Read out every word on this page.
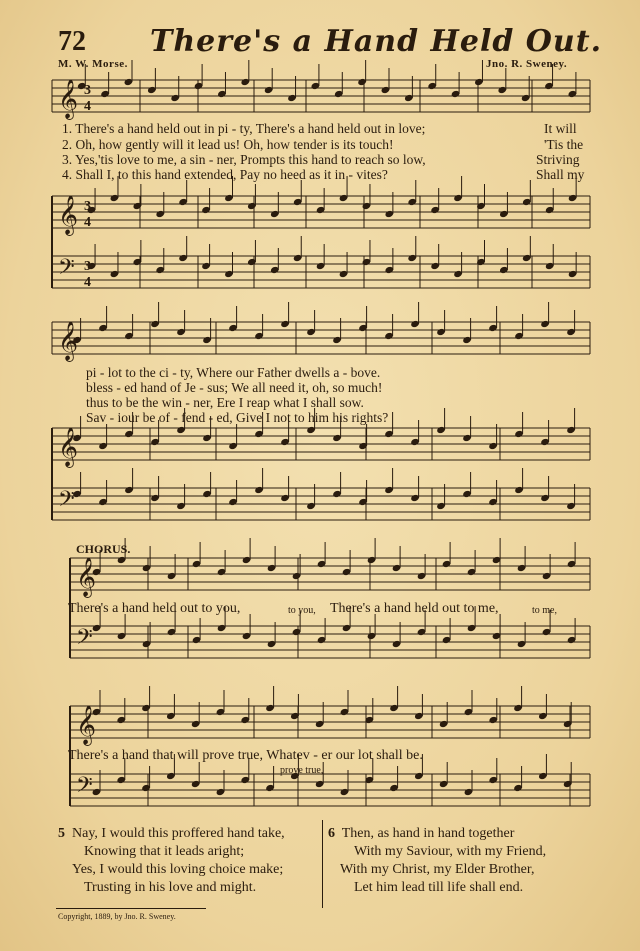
𝄞
𝄞
𝄞
𝄞
𝄞
𝄞
𝄢
𝄢
𝄢
𝄢
3
4
3
4
3
4
72 There's a Hand Held Out.
M. W. Morse.	Jno. R. Sweney.
1. There's a hand held out in pi - ty, There's a hand held out in love;	It will
2. Oh, how gently will it lead us! Oh, how tender is its touch!	'Tis the
3. Yes,'tis love to me, a sin - ner, Prompts this hand to reach so low,	Striving
4. Shall I, to this hand extended, Pay no heed as it in - vites?	Shall my
pi - lot to the ci - ty, Where our Father dwells a - bove.
bless - ed hand of Je - sus; We all need it, oh, so much!
thus to be the win - ner, Ere I reap what I shall sow.
Sav - iour be of - fend - ed, Give I not to him his rights?
CHORUS.
There's a hand held out to you,	to you, There's a hand held out to me,	to me,
There's a hand that will prove true, Whatev - er our lot shall be.
prove true,
5 Nay, I would this proffered hand take,
Knowing that it leads aright;
Yes, I would this loving choice make;
Trusting in his love and might.
6 Then, as hand in hand together
With my Saviour, with my Friend,
With my Christ, my Elder Brother,
Let him lead till life shall end.
Copyright, 1889, by Jno. R. Sweney.
